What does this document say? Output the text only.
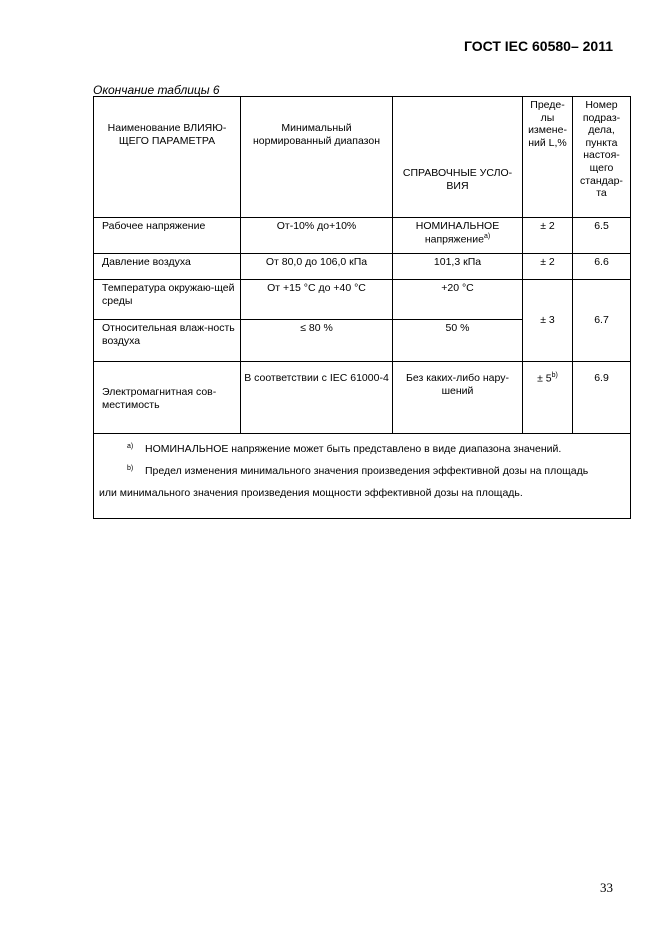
ГОСТ IEC 60580– 2011
Окончание таблицы 6
Наименование ВЛИЯЮ-ЩЕГО ПАРАМЕТРА	Минимальный нормированный диапазон	СПРАВОЧНЫЕ УСЛО-ВИЯ	Преде-лы измене-ний L,%	Номер подраз-дела, пункта настоя-щего стандар-та

Рабочее напряжение	От-10% до+10%	НОМИНАЛЬНОЕ напряжение$^{а)}$	± 2	6.5
Давление воздуха	От 80,0 до 106,0 кПа	101,3 кПа	± 2	6.6
Температура окружаю-щей среды	От +15 °С до +40 °С	+20 °С	± 3	6.7
Относительная влаж-ность воздуха	≤ 80 %	50 %		

Электромагнитная сов-местимость	В соответствии с IEC 61000-4	Без каких-либо нару-шений	± $5^{b)}$	6.9

а) НОМИНАЛЬНОЕ напряжение может быть представлено в виде диапазона значений.
b) Предел изменения минимального значения произведения эффективной дозы на площадь
или минимального значения произведения мощности эффективной дозы на площадь.				
33
